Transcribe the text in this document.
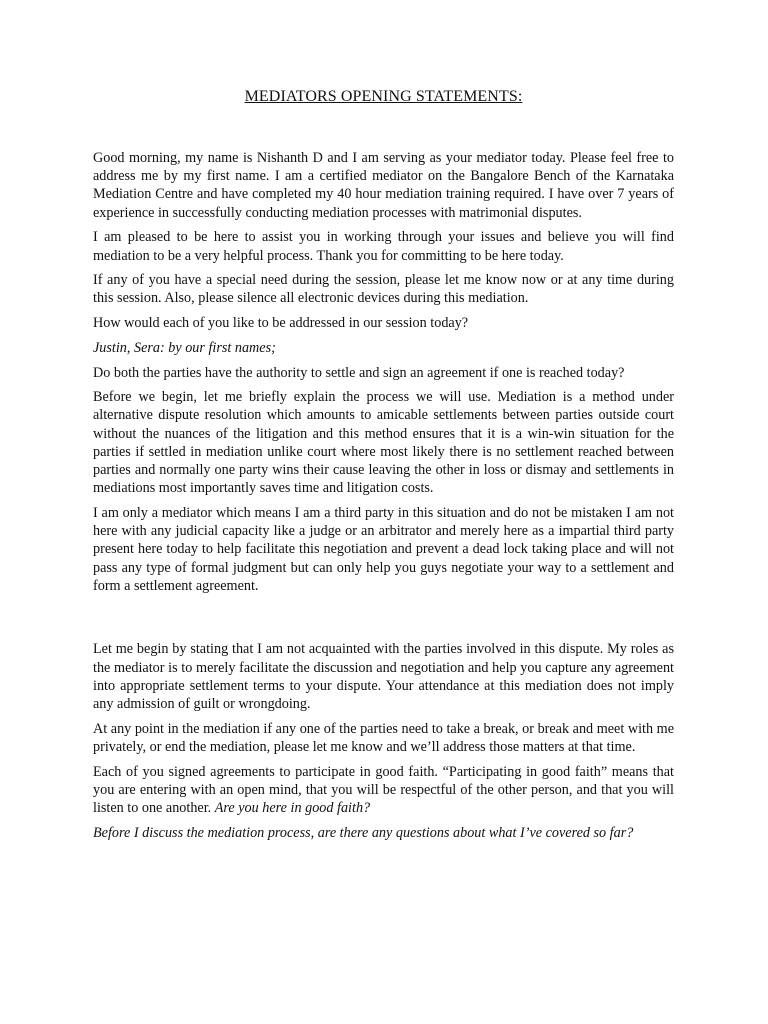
MEDIATORS OPENING STATEMENTS:

Good morning, my name is Nishanth D and I am serving as your mediator today. Please feel free to address me by my first name. I am a certified mediator on the Bangalore Bench of the Karnataka Mediation Centre and have completed my 40 hour mediation training required. I have over 7 years of experience in successfully conducting mediation processes with matrimonial disputes.

I am pleased to be here to assist you in working through your issues and believe you will find mediation to be a very helpful process. Thank you for committing to be here today.

If any of you have a special need during the session, please let me know now or at any time during this session. Also, please silence all electronic devices during this mediation.

How would each of you like to be addressed in our session today?

Justin, Sera: by our first names;

Do both the parties have the authority to settle and sign an agreement if one is reached today?

Before we begin, let me briefly explain the process we will use. Mediation is a method under alternative dispute resolution which amounts to amicable settlements between parties outside court without the nuances of the litigation and this method ensures that it is a win-win situation for the parties if settled in mediation unlike court where most likely there is no settlement reached between parties and normally one party wins their cause leaving the other in loss or dismay and settlements in mediations most importantly saves time and litigation costs.

I am only a mediator which means I am a third party in this situation and do not be mistaken I am not here with any judicial capacity like a judge or an arbitrator and merely here as a impartial third party present here today to help facilitate this negotiation and prevent a dead lock taking place and will not pass any type of formal judgment but can only help you guys negotiate your way to a settlement and form a settlement agreement.

Let me begin by stating that I am not acquainted with the parties involved in this dispute. My roles as the mediator is to merely facilitate the discussion and negotiation and help you capture any agreement into appropriate settlement terms to your dispute. Your attendance at this mediation does not imply any admission of guilt or wrongdoing.

At any point in the mediation if any one of the parties need to take a break, or break and meet with me privately, or end the mediation, please let me know and we’ll address those matters at that time.

Each of you signed agreements to participate in good faith. “Participating in good faith” means that you are entering with an open mind, that you will be respectful of the other person, and that you will listen to one another. Are you here in good faith?

Before I discuss the mediation process, are there any questions about what I’ve covered so far?
